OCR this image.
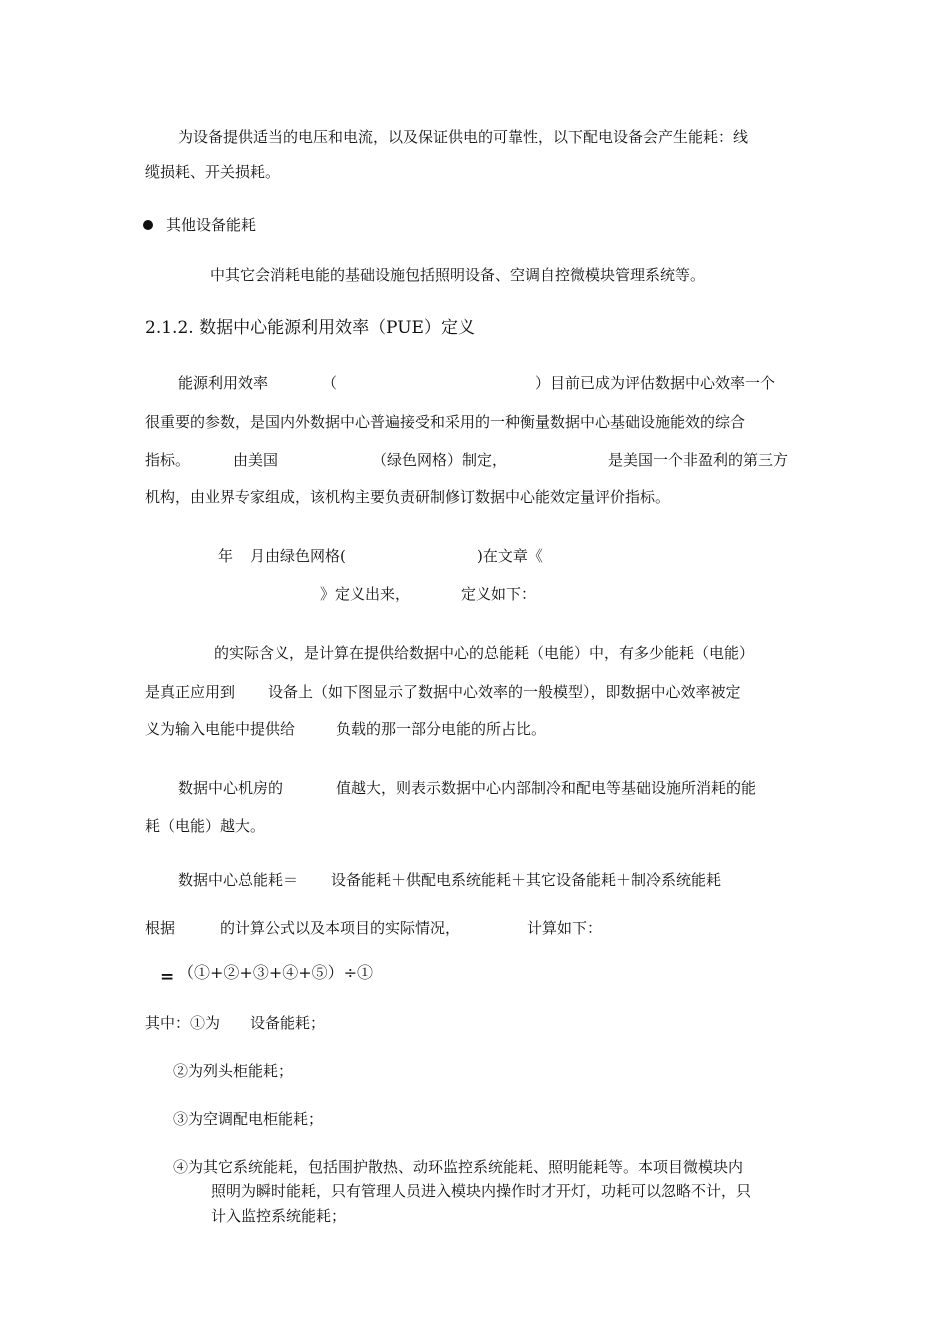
为设备提供适当的电压和电流，以及保证供电的可靠性，以下配电设备会产生能耗：线
缆损耗、开关损耗。
其他设备能耗
中其它会消耗电能的基础设施包括照明设备、空调自控微模块管理系统等。
2.1.2. 数据中心能源利用效率（PUE）定义
能源利用效率	（	）目前已成为评估数据中心效率一个
很重要的参数，是国内外数据中心普遍接受和采用的一种衡量数据中心基础设施能效的综合
指标。	由美国	（绿色网格）制定，	是美国一个非盈利的第三方
机构，由业界专家组成，该机构主要负责研制修订数据中心能效定量评价指标。
年 月由绿色网格(	)在文章《
》定义出来，	定义如下：
的实际含义，是计算在提供给数据中心的总能耗（电能）中，有多少能耗（电能）
是真正应用到 设备上（如下图显示了数据中心效率的一般模型），即数据中心效率被定
义为输入电能中提供给	负载的那一部分电能的所占比。
数据中心机房的	值越大，则表示数据中心内部制冷和配电等基础设施所消耗的能
耗（电能）越大。
数据中心总能耗＝ 设备能耗＋供配电系统能耗＋其它设备能耗＋制冷系统能耗
根据	的计算公式以及本项目的实际情况，	计算如下：
= （①+②+③+④+⑤）÷①
其中：①为 设备能耗；
②为列头柜能耗；
③为空调配电柜能耗；
④为其它系统能耗，包括围护散热、动环监控系统能耗、照明能耗等。本项目微模块内
照明为瞬时能耗，只有管理人员进入模块内操作时才开灯，功耗可以忽略不计，只
计入监控系统能耗；
